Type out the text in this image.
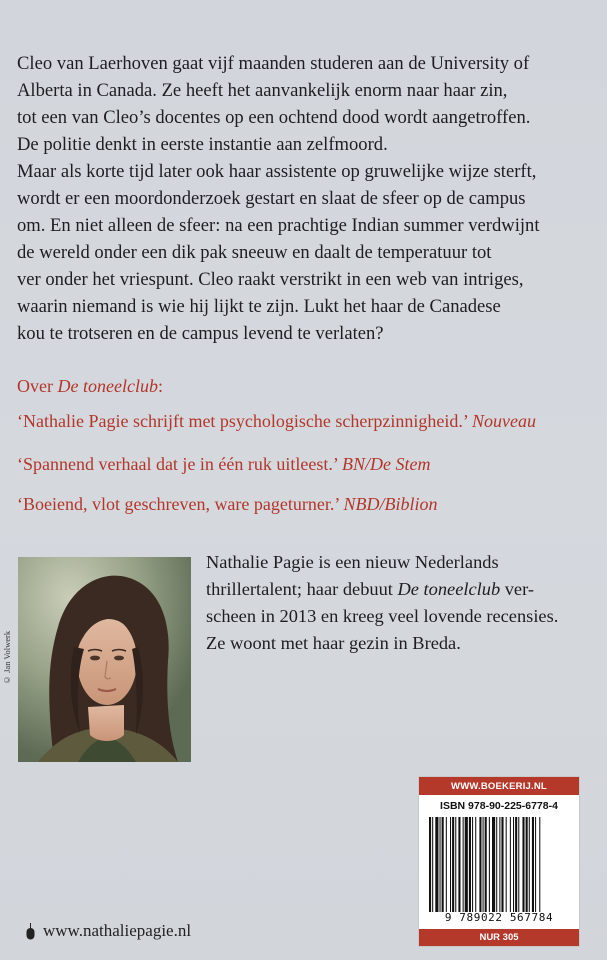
Cleo van Laerhoven gaat vijf maanden studeren aan de University of
Alberta in Canada. Ze heeft het aanvankelijk enorm naar haar zin,
tot een van Cleo’s docentes op een ochtend dood wordt aangetroffen.
De politie denkt in eerste instantie aan zelfmoord.
Maar als korte tijd later ook haar assistente op gruwelijke wijze sterft,
wordt er een moordonderzoek gestart en slaat de sfeer op de campus
om. En niet alleen de sfeer: na een prachtige Indian summer verdwijnt
de wereld onder een dik pak sneeuw en daalt de temperatuur tot
ver onder het vriespunt. Cleo raakt verstrikt in een web van intriges,
waarin niemand is wie hij lijkt te zijn. Lukt het haar de Canadese
kou te trotseren en de campus levend te verlaten?
Over De toneelclub:
‘Nathalie Pagie schrijft met psychologische scherpzinnigheid.’ Nouveau
‘Spannend verhaal dat je in één ruk uitleest.’ BN/De Stem
‘Boeiend, vlot geschreven, ware pageturner.’ NBD/Biblion
© Jan Volwerk
Nathalie Pagie is een nieuw Nederlands
thrillertalent; haar debuut De toneelclub ver-
scheen in 2013 en kreeg veel lovende recensies.
Ze woont met haar gezin in Breda.
www.nathaliepagie.nl
WWW.BOEKERIJ.NL
ISBN 978-90-225-6778-4
9 789022 567784
NUR 305
